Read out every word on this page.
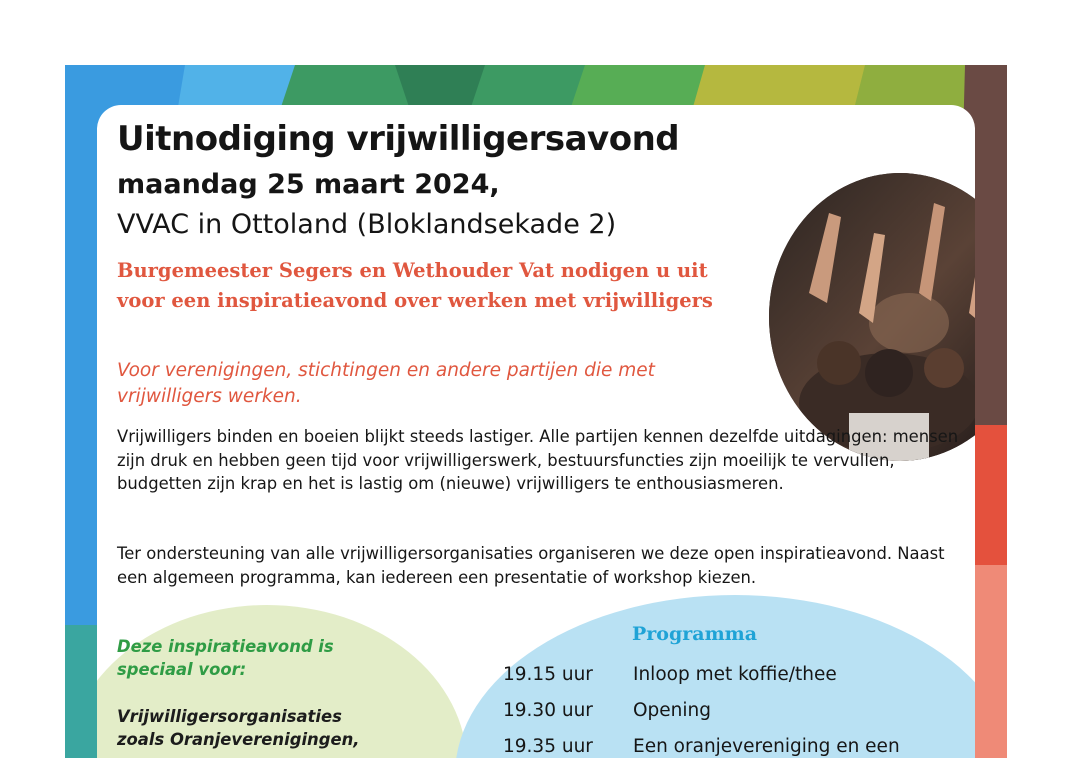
Uitnodiging vrijwilligersavond
maandag 25 maart 2024,
VVAC in Ottoland (Bloklandsekade 2)
Burgemeester Segers en Wethouder Vat nodigen u uit voor een inspiratieavond over werken met vrijwilligers
Voor verenigingen, stichtingen en andere partijen die met vrijwilligers werken.
Vrijwilligers binden en boeien blijkt steeds lastiger. Alle partijen kennen dezelfde uitdagingen: mensen zijn druk en hebben geen tijd voor vrijwilligerswerk, bestuursfuncties zijn moeilijk te vervullen, budgetten zijn krap en het is lastig om (nieuwe) vrijwilligers te enthousiasmeren.
Ter ondersteuning van alle vrijwilligersorganisaties organiseren we deze open inspiratieavond. Naast een algemeen programma, kan iedereen een presentatie of workshop kiezen.
Deze inspiratieavond is speciaal voor:
Vrijwilligersorganisaties zoals Oranjeverenigingen,
Programma
19.15 uur Inloop met koffie/thee
19.30 uur Opening
19.35 uur Een oranjevereniging en een
